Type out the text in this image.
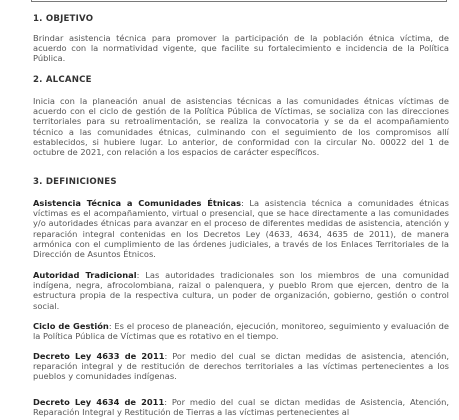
1. OBJETIVO
Brindar asistencia técnica para promover la participación de la población étnica víctima, de acuerdo con la normatividad vigente, que facilite su fortalecimiento e incidencia de la Política Pública.
2. ALCANCE
Inicia con la planeación anual de asistencias técnicas a las comunidades étnicas víctimas de acuerdo con el ciclo de gestión de la Política Pública de Víctimas, se socializa con las direcciones territoriales para su retroalimentación, se realiza la convocatoria y se da el acompañamiento técnico a las comunidades étnicas, culminando con el seguimiento de los compromisos allí establecidos, si hubiere lugar. Lo anterior, de conformidad con la circular No. 00022 del 1 de octubre de 2021, con relación a los espacios de carácter específicos.
3. DEFINICIONES
Asistencia Técnica a Comunidades Étnicas: La asistencia técnica a comunidades étnicas víctimas es el acompañamiento, virtual o presencial, que se hace directamente a las comunidades y/o autoridades étnicas para avanzar en el proceso de diferentes medidas de asistencia, atención y reparación integral contenidas en los Decretos Ley (4633, 4634, 4635 de 2011), de manera armónica con el cumplimiento de las órdenes judiciales, a través de los Enlaces Territoriales de la Dirección de Asuntos Étnicos.
Autoridad Tradicional: Las autoridades tradicionales son los miembros de una comunidad indígena, negra, afrocolombiana, raizal o palenquera, y pueblo Rrom que ejercen, dentro de la estructura propia de la respectiva cultura, un poder de organización, gobierno, gestión o control social.
Ciclo de Gestión: Es el proceso de planeación, ejecución, monitoreo, seguimiento y evaluación de la Política Pública de Víctimas que es rotativo en el tiempo.
Decreto Ley 4633 de 2011: Por medio del cual se dictan medidas de asistencia, atención, reparación integral y de restitución de derechos territoriales a las víctimas pertenecientes a los pueblos y comunidades indígenas.
Decreto Ley 4634 de 2011: Por medio del cual se dictan medidas de Asistencia, Atención, Reparación Integral y Restitución de Tierras a las víctimas pertenecientes al
